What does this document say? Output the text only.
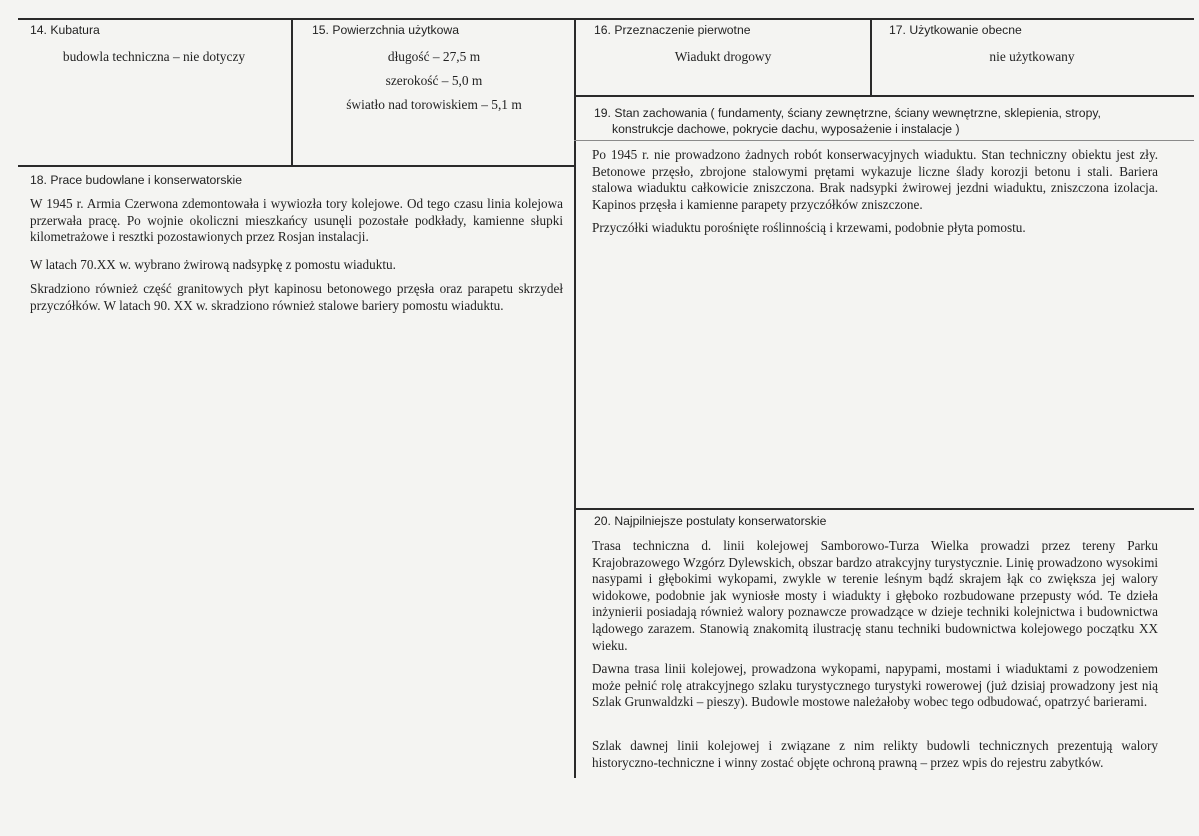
14. Kubatura
budowla techniczna – nie dotyczy
15. Powierzchnia użytkowa
długość – 27,5 m
szerokość – 5,0 m
światło nad torowiskiem – 5,1 m
16. Przeznaczenie pierwotne
Wiadukt drogowy
17. Użytkowanie obecne
nie użytkowany
18. Prace budowlane i konserwatorskie

W 1945 r. Armia Czerwona zdemontowała i wywiozła tory kolejowe. Od tego czasu linia kolejowa przerwała pracę. Po wojnie okoliczni mieszkańcy usunęli pozostałe podkłady, kamienne słupki kilometrażowe i resztki pozostawionych przez Rosjan instalacji.

W latach 70.XX w. wybrano żwirową nadsypkę z pomostu wiaduktu.

Skradziono również część granitowych płyt kapinosu betonowego przęsła oraz parapetu skrzydeł przyczółków. W latach 90. XX w. skradziono również stalowe bariery pomostu wiaduktu.

19. Stan zachowania ( fundamenty, ściany zewnętrzne, ściany wewnętrzne, sklepienia, stropy,
konstrukcje dachowe, pokrycie dachu, wyposażenie i instalacje )

Po 1945 r. nie prowadzono żadnych robót konserwacyjnych wiaduktu. Stan techniczny obiektu jest zły. Betonowe przęsło, zbrojone stalowymi prętami wykazuje liczne ślady korozji betonu i stali. Bariera stalowa wiaduktu całkowicie zniszczona. Brak nadsypki żwirowej jezdni wiaduktu, zniszczona izolacja. Kapinos przęsła i kamienne parapety przyczółków zniszczone.

Przyczółki wiaduktu porośnięte roślinnością i krzewami, podobnie płyta pomostu.

20. Najpilniejsze postulaty konserwatorskie

Trasa techniczna d. linii kolejowej Samborowo-Turza Wielka prowadzi przez tereny Parku Krajobrazowego Wzgórz Dylewskich, obszar bardzo atrakcyjny turystycznie. Linię prowadzono wysokimi nasypami i głębokimi wykopami, zwykle w terenie leśnym bądź skrajem łąk co zwiększa jej walory widokowe, podobnie jak wyniosłe mosty i wiadukty i głęboko rozbudowane przepusty wód. Te dzieła inżynierii posiadają również walory poznawcze prowadzące w dzieje techniki kolejnictwa i budownictwa lądowego zarazem. Stanowią znakomitą ilustrację stanu techniki budownictwa kolejowego początku XX wieku.

Dawna trasa linii kolejowej, prowadzona wykopami, napypami, mostami i wiaduktami z powodzeniem może pełnić rolę atrakcyjnego szlaku turystycznego turystyki rowerowej (już dzisiaj prowadzony jest nią Szlak Grunwaldzki – pieszy). Budowle mostowe należałoby wobec tego odbudować, opatrzyć barierami.

Szlak dawnej linii kolejowej i związane z nim relikty budowli technicznych prezentują walory historyczno-techniczne i winny zostać objęte ochroną prawną – przez wpis do rejestru zabytków.
